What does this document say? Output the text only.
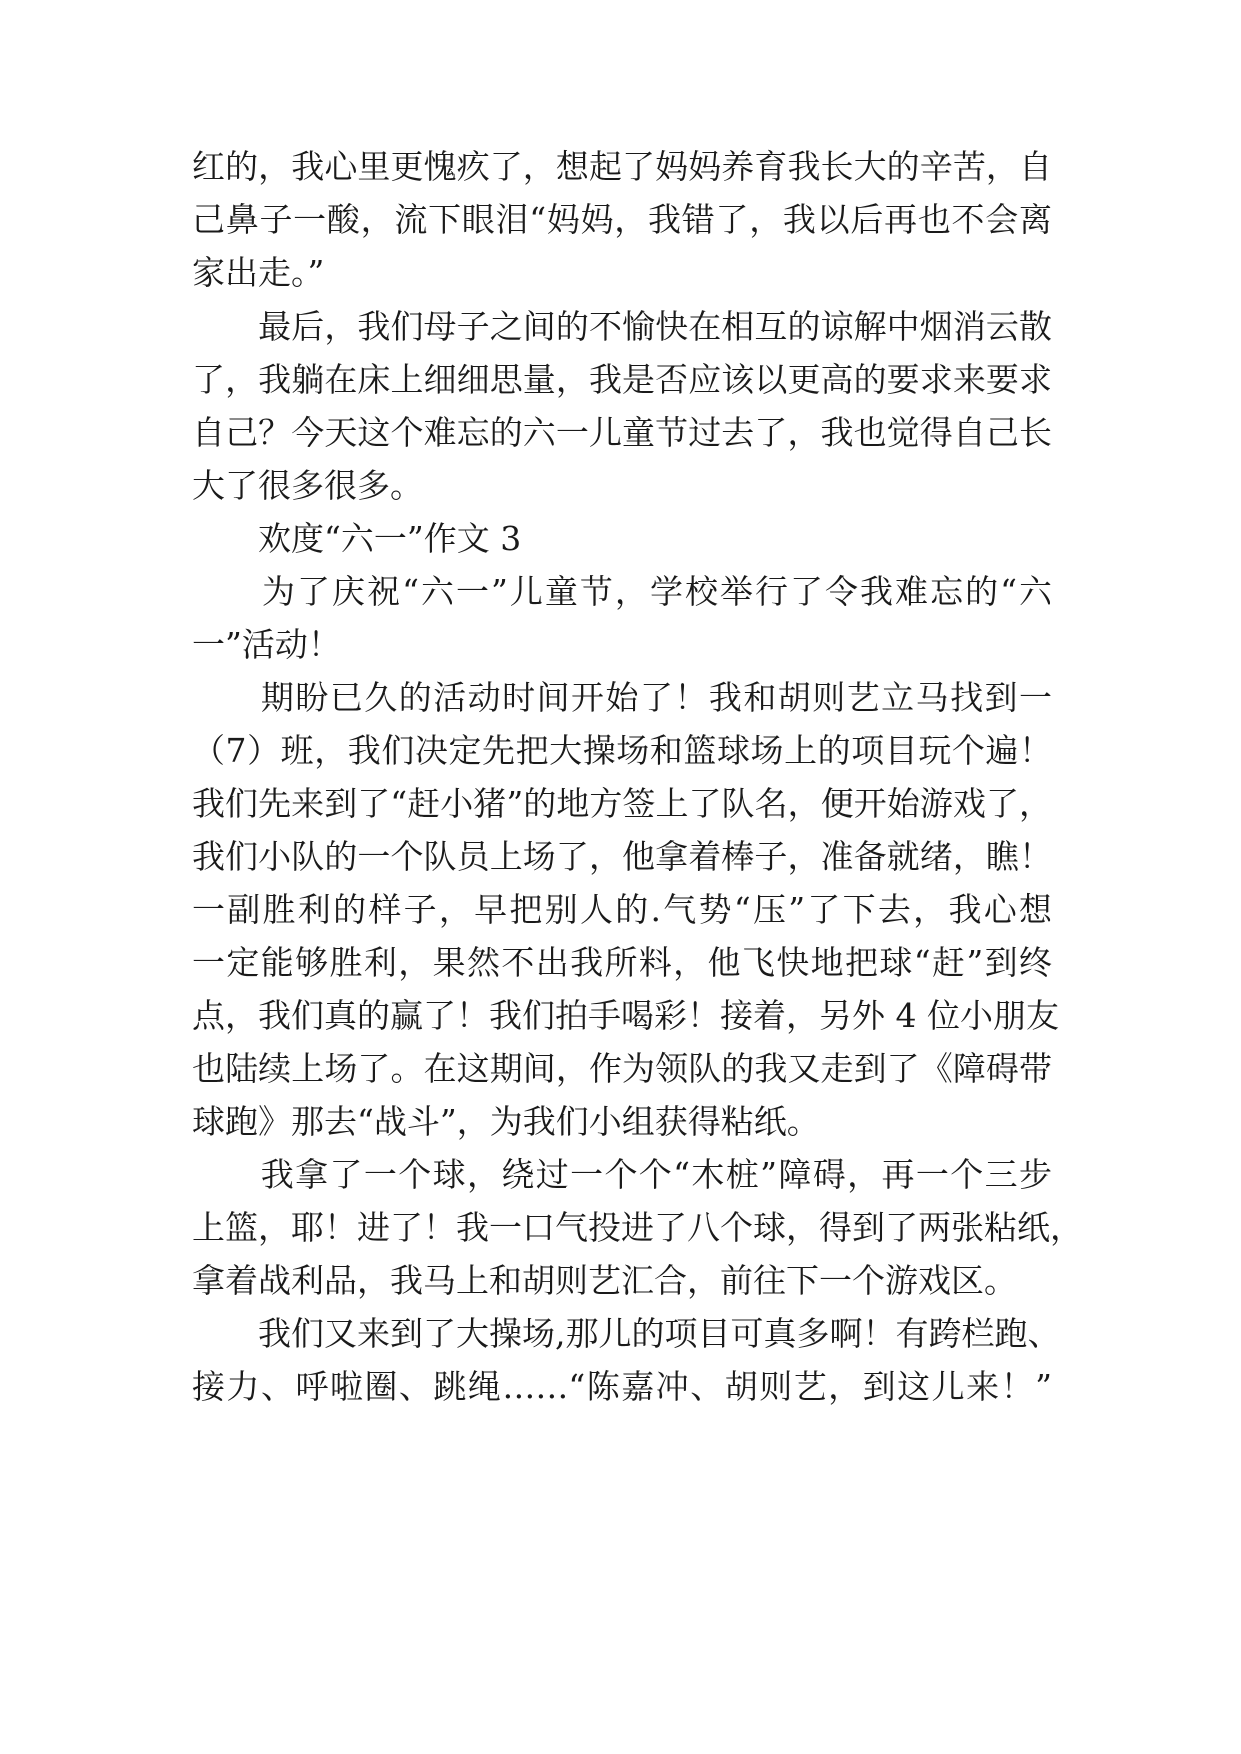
红的，我心里更愧疚了，想起了妈妈养育我长大的辛苦，自
己鼻子一酸，流下眼泪“妈妈，我错了，我以后再也不会离
家出走。”
　　最后，我们母子之间的不愉快在相互的谅解中烟消云散
了，我躺在床上细细思量，我是否应该以更高的要求来要求
自己？今天这个难忘的六一儿童节过去了，我也觉得自己长
大了很多很多。
　　欢度“六一”作文 3
　　为了庆祝“六一”儿童节，学校举行了令我难忘的“六
一”活动！
　　期盼已久的活动时间开始了！我和胡则艺立马找到一
（7）班，我们决定先把大操场和篮球场上的项目玩个遍！
我们先来到了“赶小猪”的地方签上了队名，便开始游戏了，
我们小队的一个队员上场了，他拿着棒子，准备就绪，瞧！
一副胜利的样子，早把别人的.气势“压”了下去，我心想
一定能够胜利，果然不出我所料，他飞快地把球“赶”到终
点，我们真的赢了！我们拍手喝彩！接着，另外 4 位小朋友
也陆续上场了。在这期间，作为领队的我又走到了《障碍带
球跑》那去“战斗”，为我们小组获得粘纸。
　　我拿了一个球，绕过一个个“木桩”障碍，再一个三步
上篮，耶！进了！我一口气投进了八个球，得到了两张粘纸，
拿着战利品，我马上和胡则艺汇合，前往下一个游戏区。
　　我们又来到了大操场,那儿的项目可真多啊！有跨栏跑、
接力、呼啦圈、跳绳……“陈嘉冲、胡则艺，到这儿来！”
